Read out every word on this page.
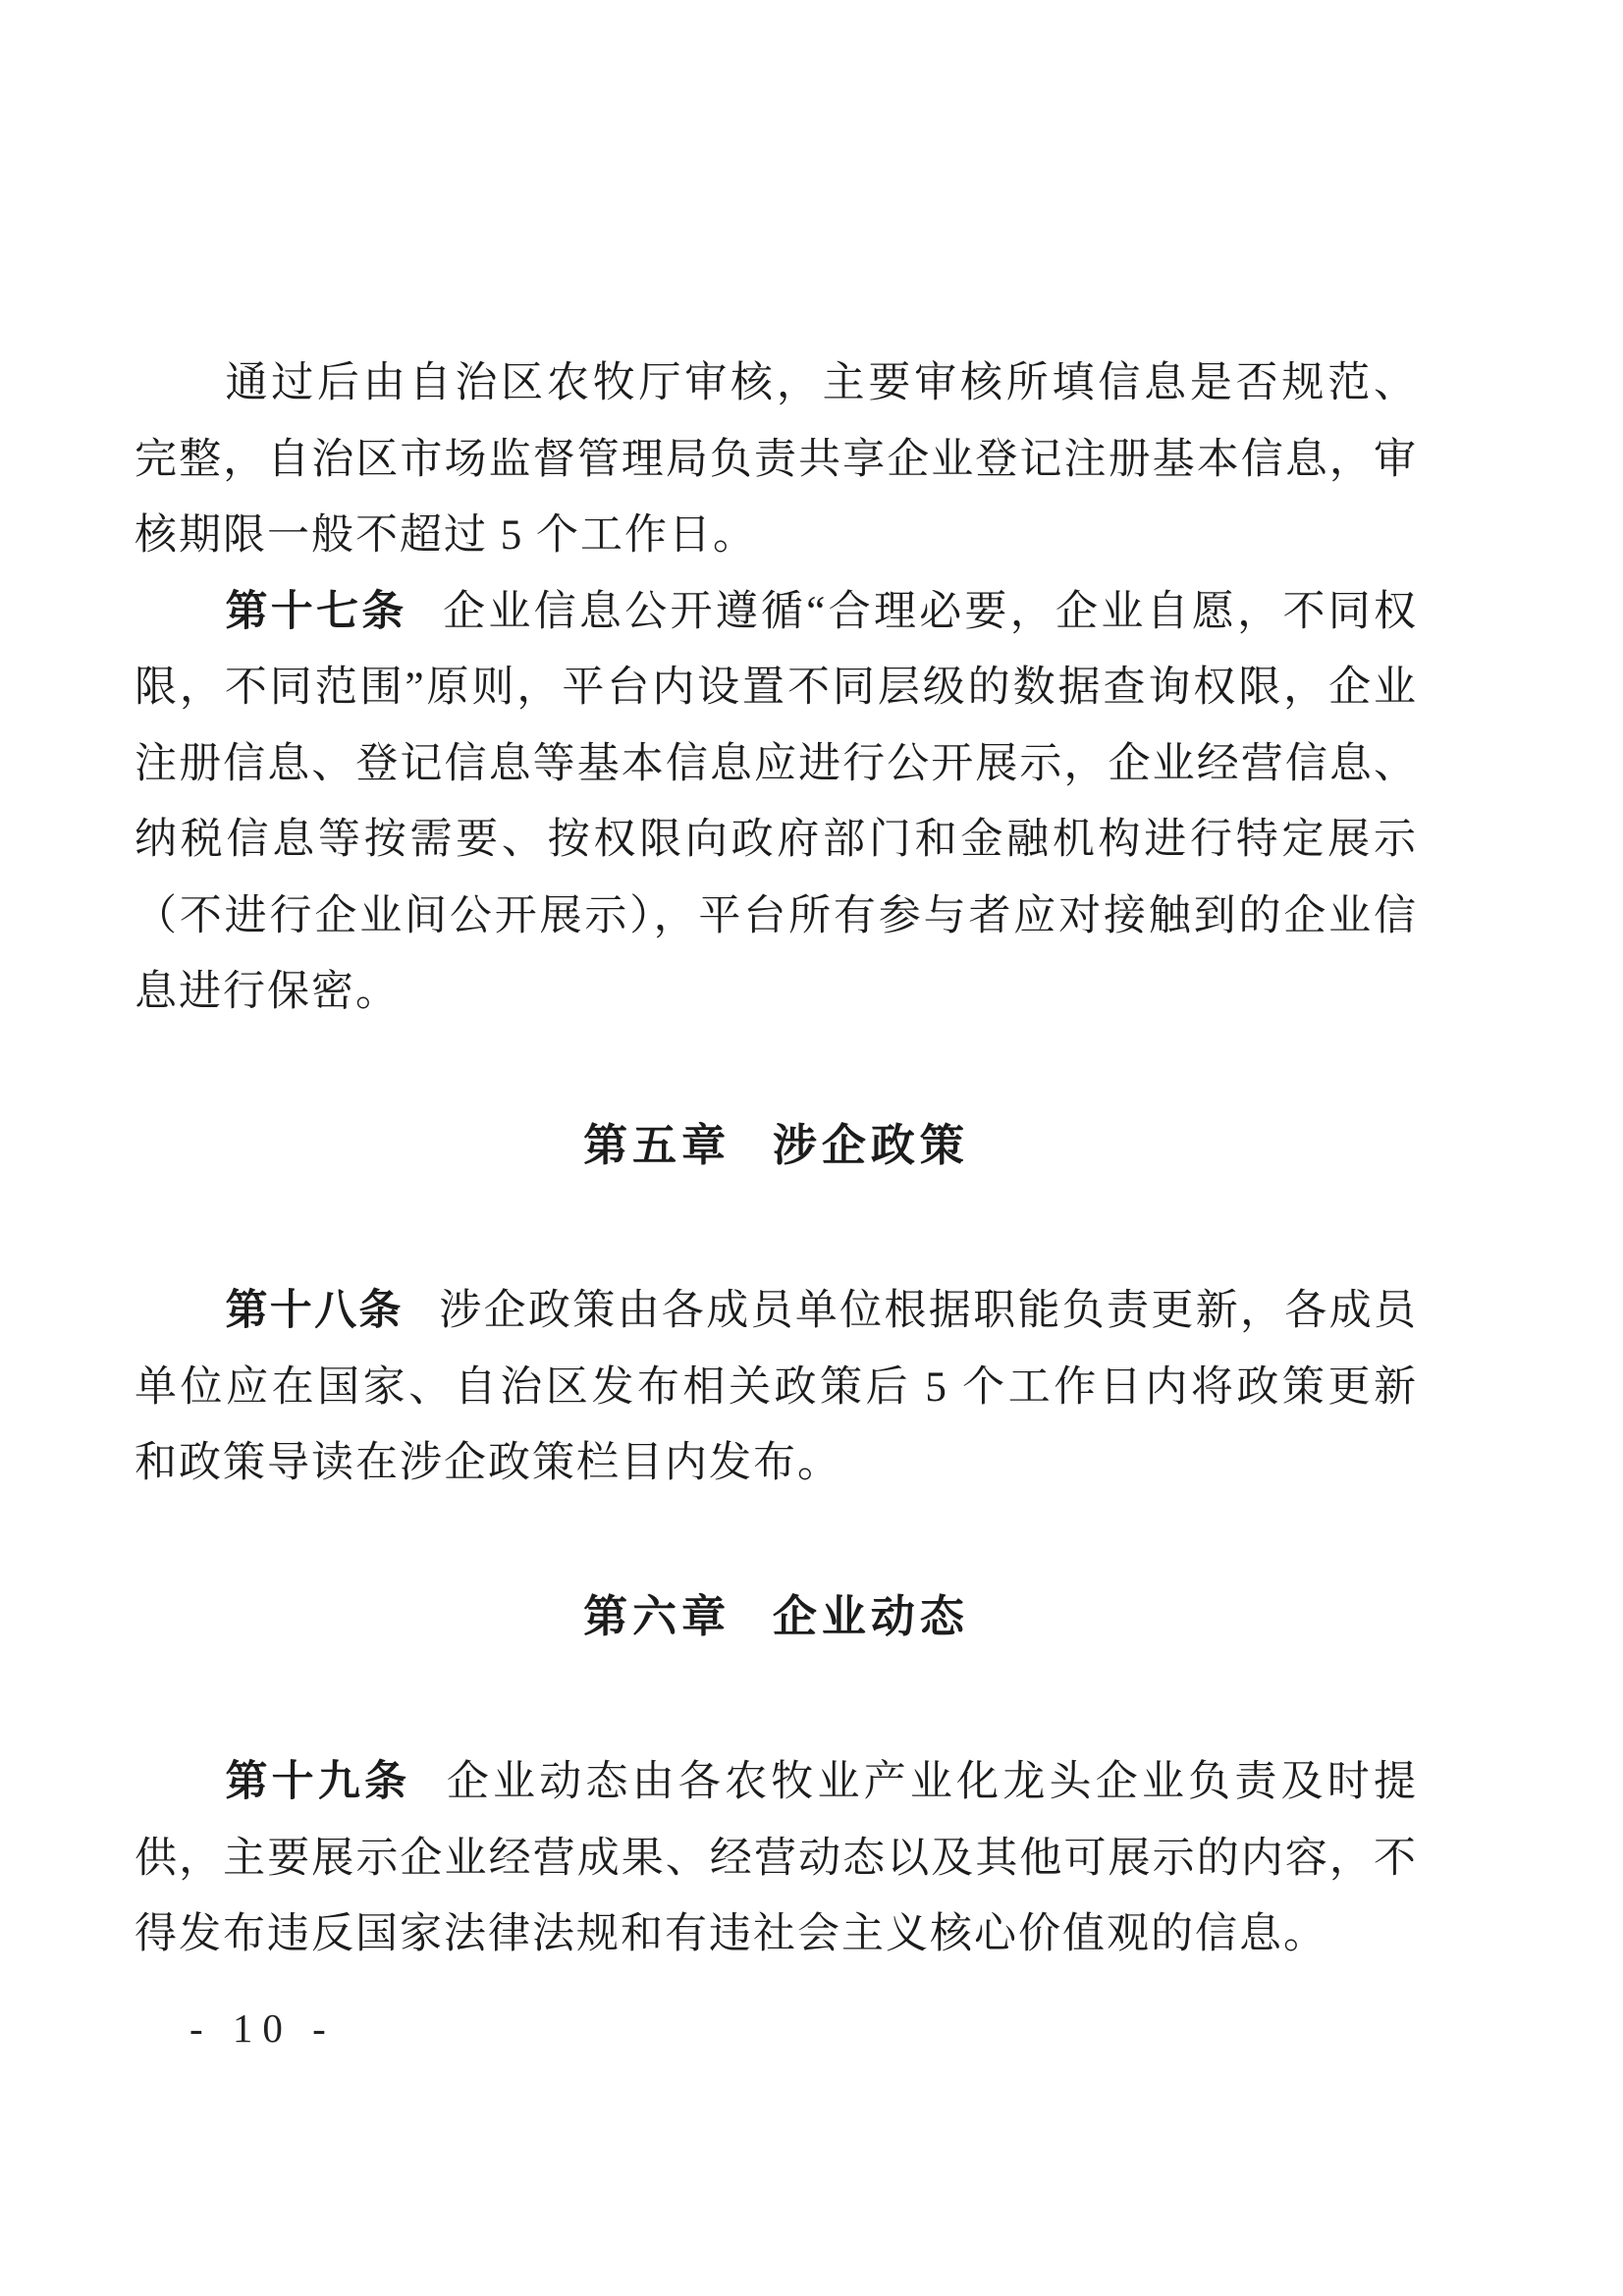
通过后由自治区农牧厅审核，主要审核所填信息是否规范、完整，自治区市场监督管理局负责共享企业登记注册基本信息，审核期限一般不超过 5 个工作日。

第十七条 企业信息公开遵循“合理必要，企业自愿，不同权限，不同范围”原则，平台内设置不同层级的数据查询权限，企业注册信息、登记信息等基本信息应进行公开展示，企业经营信息、纳税信息等按需要、按权限向政府部门和金融机构进行特定展示（不进行企业间公开展示），平台所有参与者应对接触到的企业信息进行保密。

第五章 涉企政策

第十八条 涉企政策由各成员单位根据职能负责更新，各成员单位应在国家、自治区发布相关政策后 5 个工作日内将政策更新和政策导读在涉企政策栏目内发布。

第六章 企业动态

第十九条 企业动态由各农牧业产业化龙头企业负责及时提供，主要展示企业经营成果、经营动态以及其他可展示的内容，不得发布违反国家法律法规和有违社会主义核心价值观的信息。

- 10 -
